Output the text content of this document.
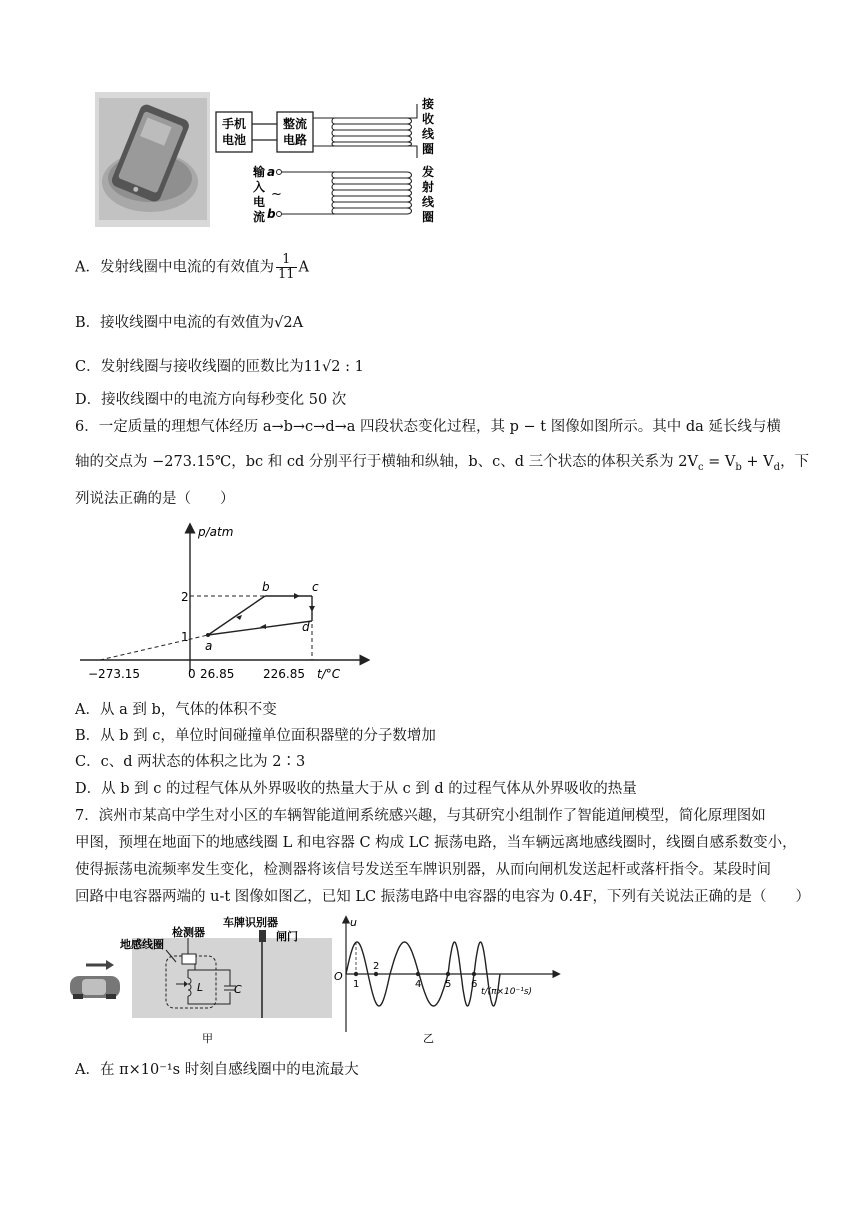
手机
电池
整流
电路
接
收
线
圈
输
入
电
流
a
~
b
发
射
线
圈
A．发射线圈中电流的有效值为 $\frac{1}{11}$ A
B．接收线圈中电流的有效值为√2A
C．发射线圈与接收线圈的匝数比为11√2 : 1
D．接收线圈中的电流方向每秒变化 50 次
6．一定质量的理想气体经历 a→b→c→d→a 四段状态变化过程，其 p − t 图像如图所示。其中 da 延长线与横
轴的交点为 −273.15℃，bc 和 cd 分别平行于横轴和纵轴，b、c、d 三个状态的体积关系为 $2V_c = V_b + V_d$，下
列说法正确的是（　　）
p/atm
t/°C
−273.15	0 26.85 226.85
1
2
a
b	c
d
A．从 a 到 b，气体的体积不变
B．从 b 到 c，单位时间碰撞单位面积器壁的分子数增加
C．c、d 两状态的体积之比为 2∶3
D．从 b 到 c 的过程气体从外界吸收的热量大于从 c 到 d 的过程气体从外界吸收的热量
7．滨州市某高中学生对小区的车辆智能道闸系统感兴趣，与其研究小组制作了智能道闸模型，简化原理图如
甲图，预埋在地面下的地感线圈 L 和电容器 C 构成 LC 振荡电路，当车辆远离地感线圈时，线圈自感系数变小，
使得振荡电流频率发生变化，检测器将该信号发送至车牌识别器，从而向闸机发送起杆或落杆指令。某段时间
回路中电容器两端的 u-t 图像如图乙，已知 LC 振荡电路中电容器的电容为 0.4F，下列有关说法正确的是（　　）
检测器
车牌识别器
闸门
地感线圈
L	C
甲
u
O
t/(π×10⁻¹s)
1
2
4 5 6
乙
A．在 π×10⁻¹s 时刻自感线圈中的电流最大
